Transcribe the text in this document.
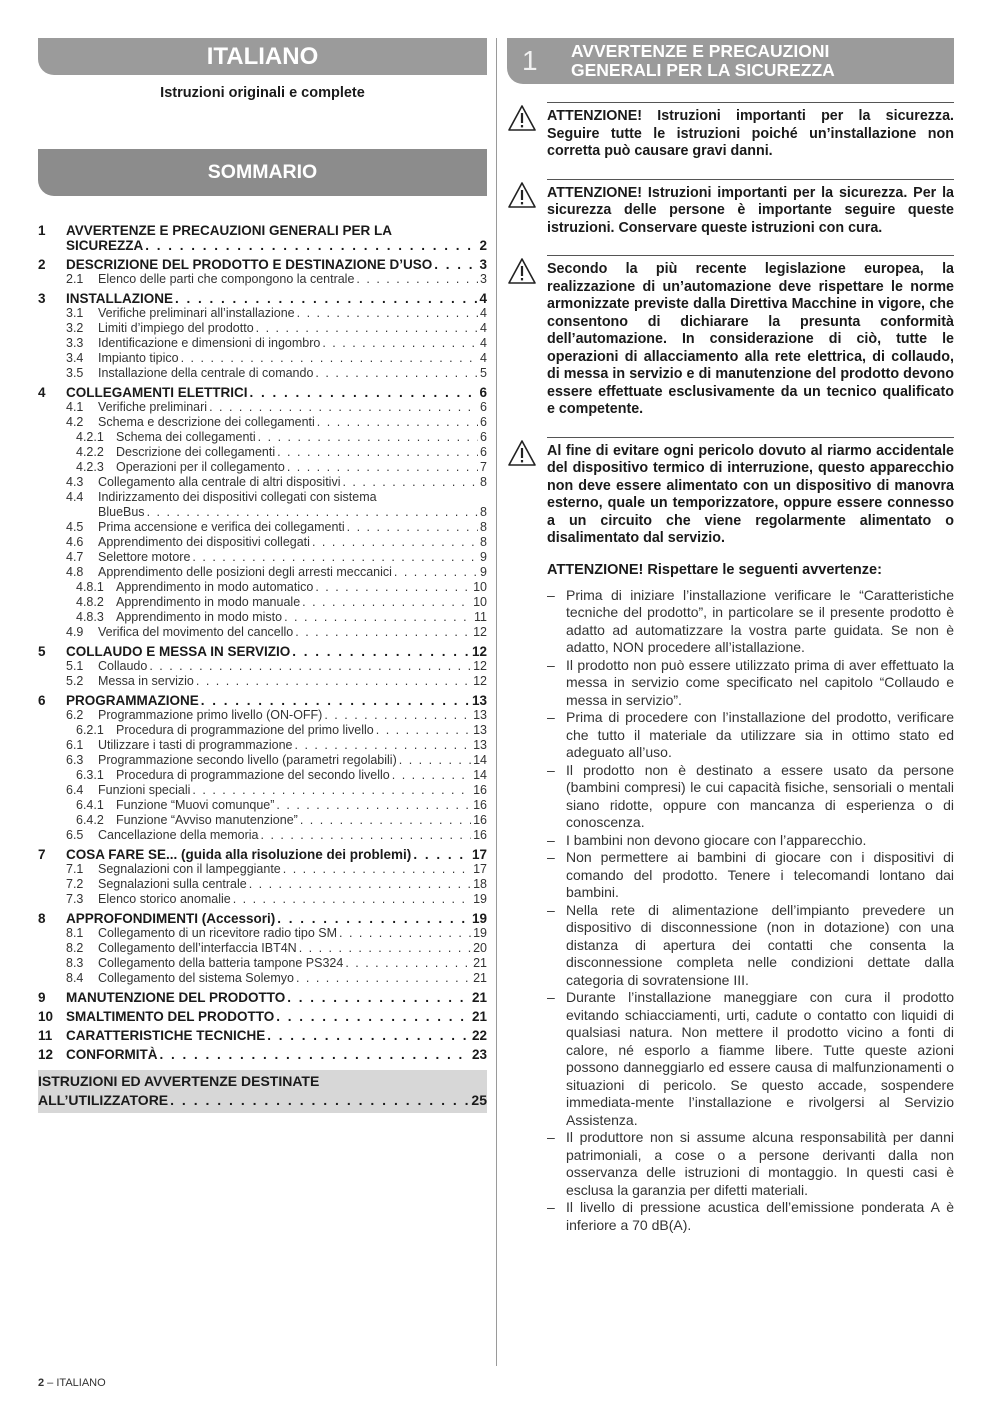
ITALIANO
Istruzioni originali e complete
SOMMARIO
1	AVVERTENZE E PRECAUZIONI GENERALI PER LA
SICUREZZA . . .	2
2	DESCRIZIONE DEL PRODOTTO E DESTINAZIONE D’USO . . .	3
2.1	Elenco delle parti che compongono la centrale . . .	3
3	INSTALLAZIONE . . .	4
3.1	Verifiche preliminari all’installazione . . .	4
3.2	Limiti d’impiego del prodotto . . .	4
3.3	Identificazione e dimensioni di ingombro . . .	4
3.4	Impianto tipico . . .	4
3.5	Installazione della centrale di comando . . .	5
4	COLLEGAMENTI ELETTRICI . . .	6
4.1	Verifiche preliminari . . .	6
4.2	Schema e descrizione dei collegamenti . . .	6
4.2.1 Schema dei collegamenti . . .	6
4.2.2 Descrizione dei collegamenti . . .	6
4.2.3 Operazioni per il collegamento . . .	7
4.3	Collegamento alla centrale di altri dispositivi . . .	8
4.4	Indirizzamento dei dispositivi collegati con sistema
BlueBus . . .	8
4.5	Prima accensione e verifica dei collegamenti . . .	8
4.6	Apprendimento dei dispositivi collegati . . .	8
4.7	Selettore motore . . .	9
4.8	Apprendimento delle posizioni degli arresti meccanici . . .	9
4.8.1 Apprendimento in modo automatico . . .	10
4.8.2 Apprendimento in modo manuale . . .	10
4.8.3 Apprendimento in modo misto . . .	11
4.9	Verifica del movimento del cancello . . .	12
5	COLLAUDO E MESSA IN SERVIZIO . . .	12
5.1	Collaudo . . .	12
5.2	Messa in servizio . . .	12
6	PROGRAMMAZIONE . . .	13
6.2	Programmazione primo livello (ON-OFF) . . .	13
6.2.1 Procedura di programmazione del primo livello . . .	13
6.1	Utilizzare i tasti di programmazione . . .	13
6.3	Programmazione secondo livello (parametri regolabili) . . .	14
6.3.1 Procedura di programmazione del secondo livello . . .	14
6.4	Funzioni speciali . . .	16
6.4.1 Funzione “Muovi comunque” . . .	16
6.4.2 Funzione “Avviso manutenzione” . . .	16
6.5	Cancellazione della memoria . . .	16
7	COSA FARE SE... (guida alla risoluzione dei problemi) . . .	17
7.1	Segnalazioni con il lampeggiante . . .	17
7.2	Segnalazioni sulla centrale . . .	18
7.3	Elenco storico anomalie . . .	19
8	APPROFONDIMENTI (Accessori) . . .	19
8.1	Collegamento di un ricevitore radio tipo SM . . .	19
8.2	Collegamento dell’interfaccia IBT4N . . .	20
8.3	Collegamento della batteria tampone PS324 . . .	21
8.4	Collegamento del sistema Solemyo . . .	21
9	MANUTENZIONE DEL PRODOTTO . . .	21
10 SMALTIMENTO DEL PRODOTTO . . .	21
11	CARATTERISTICHE TECNICHE . . .	22
12 CONFORMITÀ . . .	23
ISTRUZIONI ED AVVERTENZE DESTINATE
ALL’UTILIZZATORE . . .	25
1 AVVERTENZE E PRECAUZIONI
GENERALI PER LA SICUREZZA
ATTENZIONE! Istruzioni importanti per la sicurezza. Seguire tutte le istruzioni poiché un’installazione non corretta può causare gravi danni.
ATTENZIONE! Istruzioni importanti per la sicurezza. Per la sicurezza delle persone è importante seguire queste istruzioni. Conservare queste istruzioni con cura.
Secondo la più recente legislazione europea, la realizzazione di un’automazione deve rispettare le norme armonizzate previste dalla Direttiva Macchine in vigore, che consentono di dichiarare la presunta conformità dell’automazione. In considerazione di ciò, tutte le operazioni di allacciamento alla rete elettrica, di collaudo, di messa in servizio e di manutenzione del prodotto devono essere effettuate esclusivamente da un tecnico qualificato e competente.
Al fine di evitare ogni pericolo dovuto al riarmo accidentale del dispositivo termico di interruzione, questo apparecchio non deve essere alimentato con un dispositivo di manovra esterno, quale un temporizzatore, oppure essere connesso a un circuito che viene regolarmente alimentato o disalimentato dal servizio.
ATTENZIONE! Rispettare le seguenti avvertenze:
– Prima di iniziare l’installazione verificare le “Caratteristiche tecniche del prodotto”, in particolare se il presente prodotto è adatto ad automatizzare la vostra parte guidata. Se non è adatto, NON procedere all’istallazione.
– Il prodotto non può essere utilizzato prima di aver effettuato la messa in servizio come specificato nel capitolo “Collaudo e messa in servizio”.
– Prima di procedere con l’installazione del prodotto, verificare che tutto il materiale da utilizzare sia in ottimo stato ed adeguato all’uso.
– Il prodotto non è destinato a essere usato da persone (bambini compresi) le cui capacità fisiche, sensoriali o mentali siano ridotte, oppure con mancanza di esperienza o di conoscenza.
– I bambini non devono giocare con l’apparecchio.
– Non permettere ai bambini di giocare con i dispositivi di comando del prodotto. Tenere i telecomandi lontano dai bambini.
– Nella rete di alimentazione dell’impianto prevedere un dispositivo di disconnessione (non in dotazione) con una distanza di apertura dei contatti che consenta la disconnessione completa nelle condizioni dettate dalla categoria di sovratensione III.
– Durante l’installazione maneggiare con cura il prodotto evitando schiacciamenti, urti, cadute o contatto con liquidi di qualsiasi natura. Non mettere il prodotto vicino a fonti di calore, né esporlo a fiamme libere. Tutte queste azioni possono danneggiarlo ed essere causa di malfunzionamenti o situazioni di pericolo. Se questo accade, sospendere immediata-mente l’installazione e rivolgersi al Servizio Assistenza.
– Il produttore non si assume alcuna responsabilità per danni patrimoniali, a cose o a persone derivanti dalla non osservanza delle istruzioni di montaggio. In questi casi è esclusa la garanzia per difetti materiali.
– Il livello di pressione acustica dell’emissione ponderata A è inferiore a 70 dB(A).
2 – ITALIANO
